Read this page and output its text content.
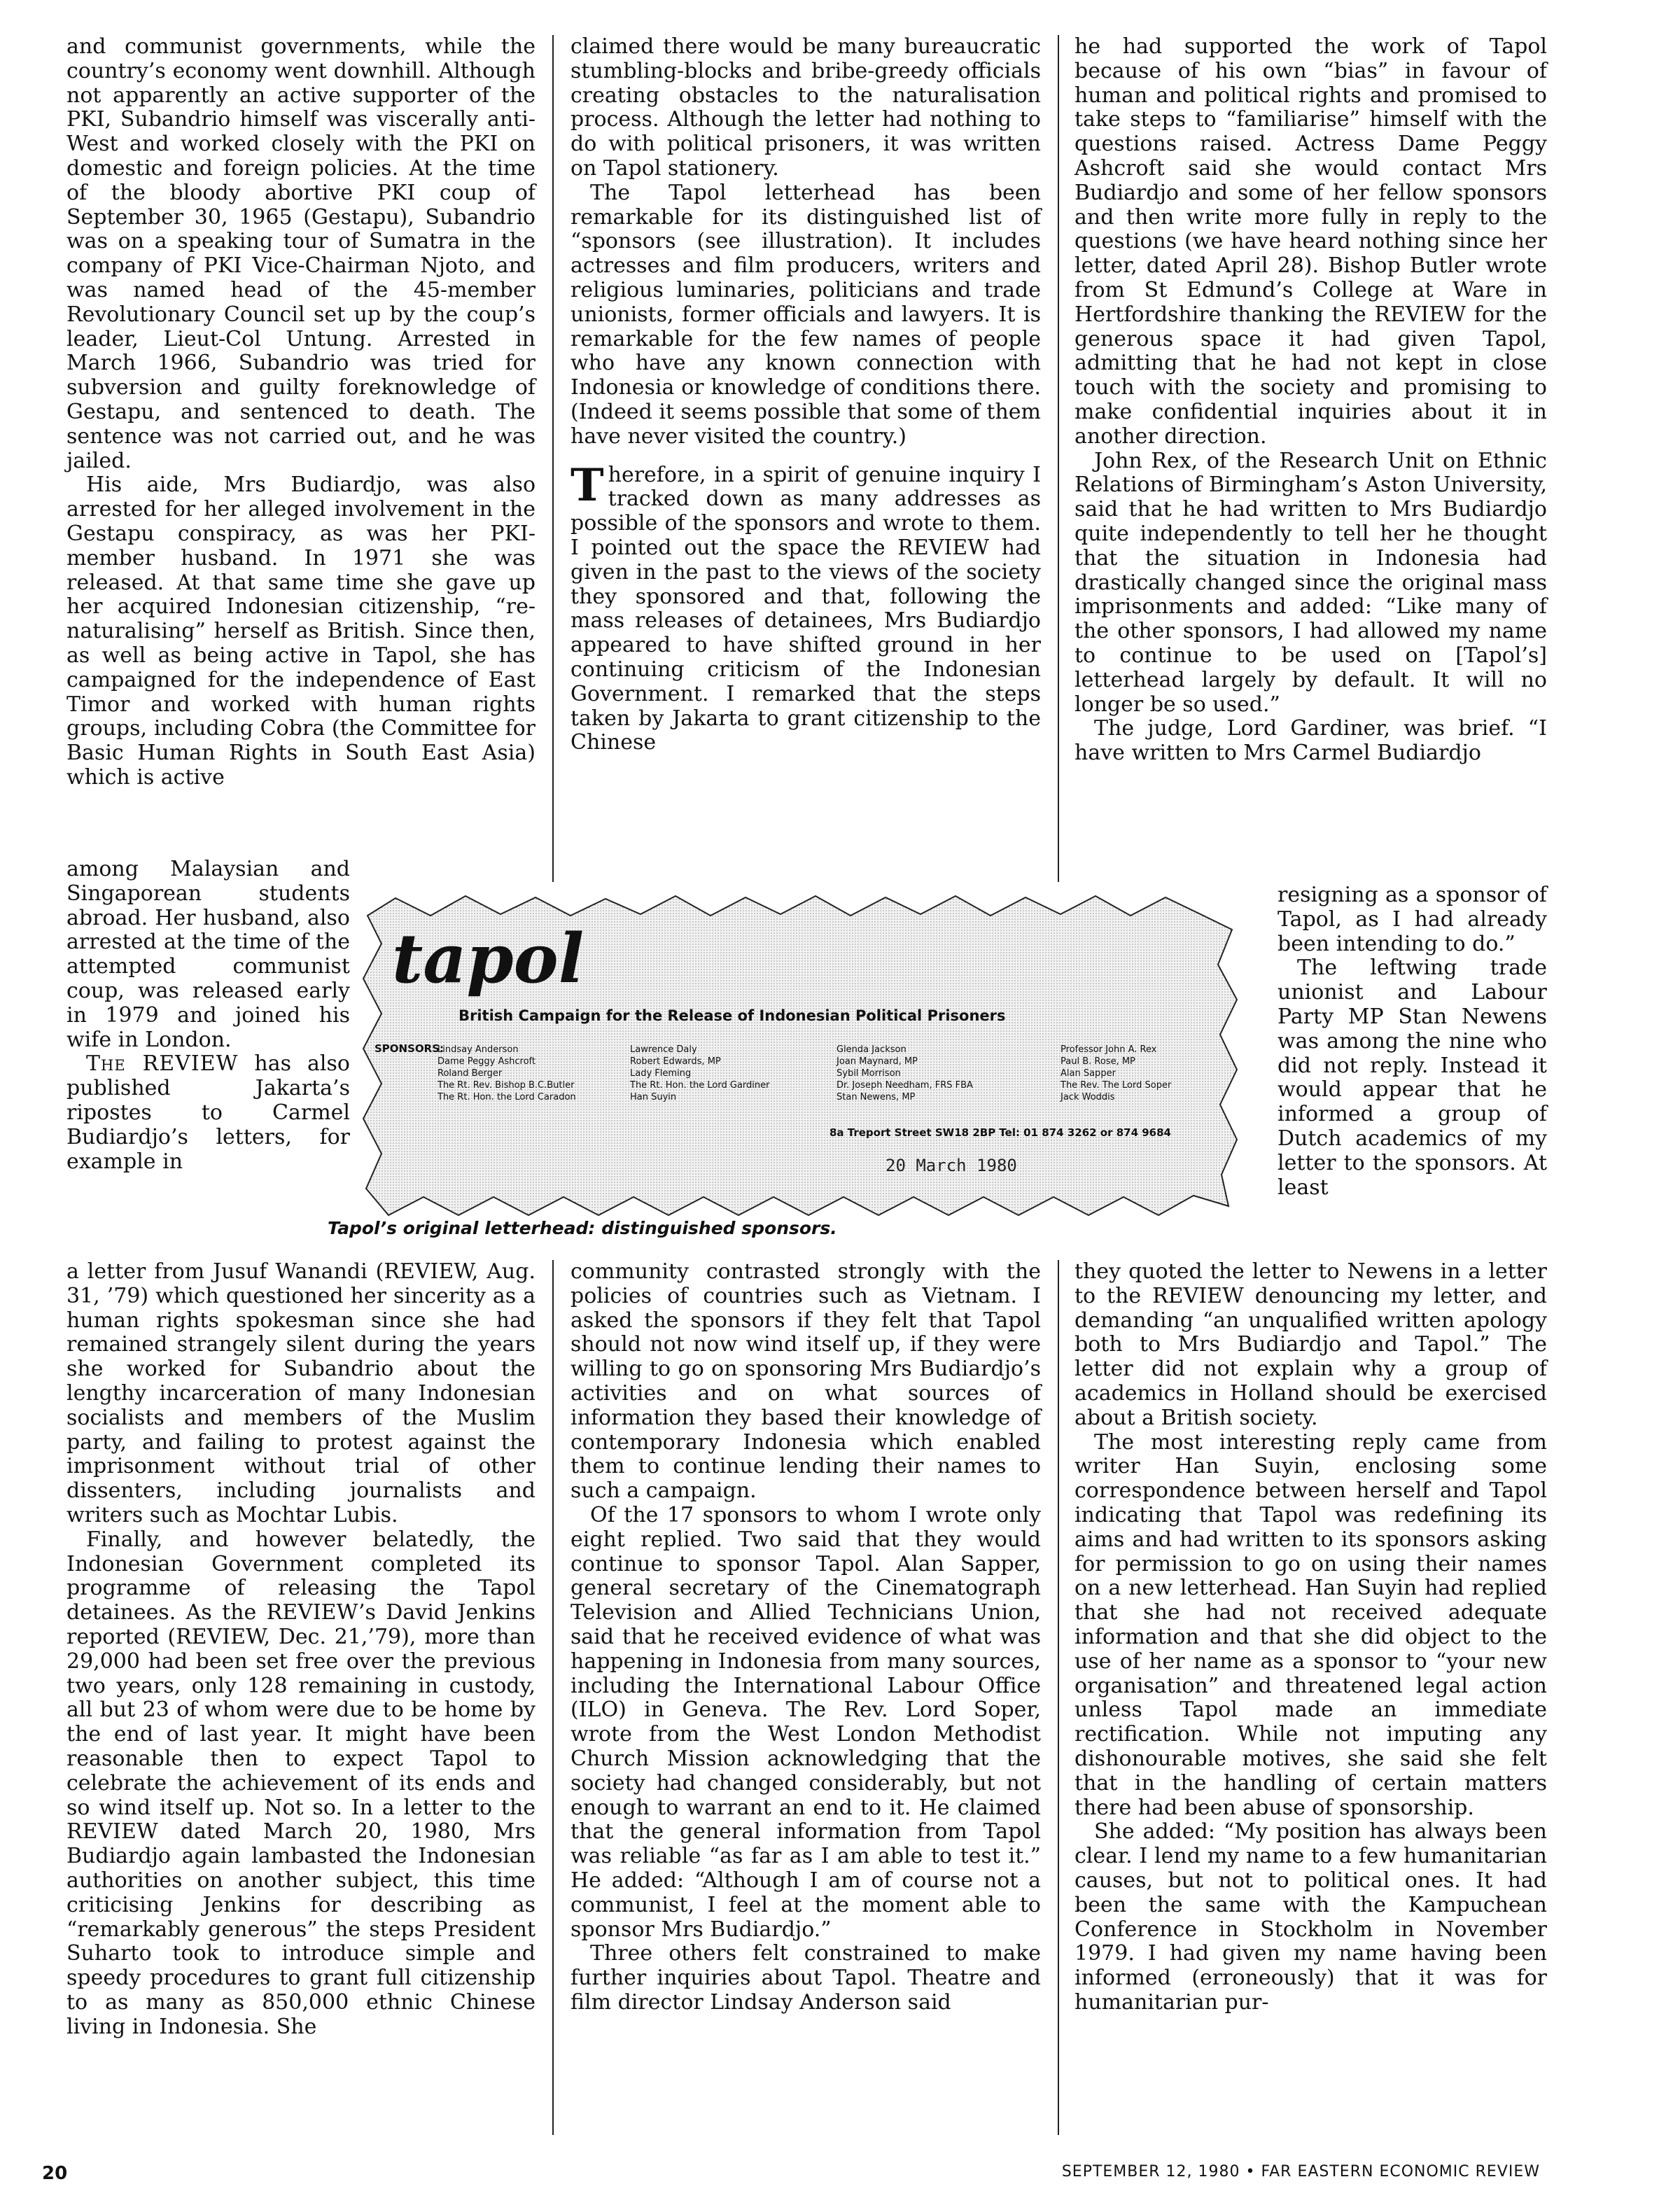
and communist governments, while the country’s economy went downhill. Although not apparently an active supporter of the PKI, Subandrio himself was viscerally anti-West and worked closely with the PKI on domestic and foreign policies. At the time of the bloody abortive PKI coup of September 30, 1965 (Gestapu), Subandrio was on a speaking tour of Sumatra in the company of PKI Vice-Chairman Njoto, and was named head of the 45-member Revolutionary Council set up by the coup’s leader, Lieut-Col Untung. Arrested in March 1966, Subandrio was tried for subversion and guilty foreknowledge of Gestapu, and sentenced to death. The sentence was not carried out, and he was jailed.

His aide, Mrs Budiardjo, was also arrested for her alleged involvement in the Gestapu conspiracy, as was her PKI-member husband. In 1971 she was released. At that same time she gave up her acquired Indonesian citizenship, “re-naturalising” herself as British. Since then, as well as being active in Tapol, she has campaigned for the independence of East Timor and worked with human rights groups, including Cobra (the Committee for Basic Human Rights in South East Asia) which is active

among Malaysian and Singaporean students abroad. Her husband, also arrested at the time of the attempted communist coup, was released early in 1979 and joined his wife in London.

The REVIEW has also published Jakarta’s ripostes to Carmel Budiardjo’s letters, for example in

a letter from Jusuf Wanandi (REVIEW, Aug. 31, ’79) which questioned her sincerity as a human rights spokesman since she had remained strangely silent during the years she worked for Subandrio about the lengthy incarceration of many Indonesian socialists and members of the Muslim party, and failing to protest against the imprisonment without trial of other dissenters, including journalists and writers such as Mochtar Lubis.

Finally, and however belatedly, the Indonesian Government completed its programme of releasing the Tapol detainees. As the REVIEW’s David Jenkins reported (REVIEW, Dec. 21,’79), more than 29,000 had been set free over the previous two years, only 128 remaining in custody, all but 23 of whom were due to be home by the end of last year. It might have been reasonable then to expect Tapol to celebrate the achievement of its ends and so wind itself up. Not so. In a letter to the REVIEW dated March 20, 1980, Mrs Budiardjo again lambasted the Indonesian authorities on another subject, this time criticising Jenkins for describing as “remarkably generous” the steps President Suharto took to introduce simple and speedy procedures to grant full citizenship to as many as 850,000 ethnic Chinese living in Indonesia. She

claimed there would be many bureaucratic stumbling-blocks and bribe-greedy officials creating obstacles to the naturalisation process. Although the letter had nothing to do with political prisoners, it was written on Tapol stationery.

The Tapol letterhead has been remarkable for its distinguished list of “sponsors (see illustration). It includes actresses and film producers, writers and religious luminaries, politicians and trade unionists, former officials and lawyers. It is remarkable for the few names of people who have any known connection with Indonesia or knowledge of conditions there. (Indeed it seems possible that some of them have never visited the country.)

Therefore, in a spirit of genuine inquiry I tracked down as many addresses as possible of the sponsors and wrote to them. I pointed out the space the REVIEW had given in the past to the views of the society they sponsored and that, following the mass releases of detainees, Mrs Budiardjo appeared to have shifted ground in her continuing criticism of the Indonesian Government. I remarked that the steps taken by Jakarta to grant citizenship to the Chinese

community contrasted strongly with the policies of countries such as Vietnam. I asked the sponsors if they felt that Tapol should not now wind itself up, if they were willing to go on sponsoring Mrs Budiardjo’s activities and on what sources of information they based their knowledge of contemporary Indonesia which enabled them to continue lending their names to such a campaign.

Of the 17 sponsors to whom I wrote only eight replied. Two said that they would continue to sponsor Tapol. Alan Sapper, general secretary of the Cinematograph Television and Allied Technicians Union, said that he received evidence of what was happening in Indonesia from many sources, including the International Labour Office (ILO) in Geneva. The Rev. Lord Soper, wrote from the West London Methodist Church Mission acknowledging that the society had changed considerably, but not enough to warrant an end to it. He claimed that the general information from Tapol was reliable “as far as I am able to test it.” He added: “Although I am of course not a communist, I feel at the moment able to sponsor Mrs Budiardjo.”

Three others felt constrained to make further inquiries about Tapol. Theatre and film director Lindsay Anderson said

he had supported the work of Tapol because of his own “bias” in favour of human and political rights and promised to take steps to “familiarise” himself with the questions raised. Actress Dame Peggy Ashcroft said she would contact Mrs Budiardjo and some of her fellow sponsors and then write more fully in reply to the questions (we have heard nothing since her letter, dated April 28). Bishop Butler wrote from St Edmund’s College at Ware in Hertfordshire thanking the REVIEW for the generous space it had given Tapol, admitting that he had not kept in close touch with the society and promising to make confidential inquiries about it in another direction.

John Rex, of the Research Unit on Ethnic Relations of Birmingham’s Aston University, said that he had written to Mrs Budiardjo quite independently to tell her he thought that the situation in Indonesia had drastically changed since the original mass imprisonments and added: “Like many of the other sponsors, I had allowed my name to continue to be used on [Tapol’s] letterhead largely by default. It will no longer be so used.”

The judge, Lord Gardiner, was brief. “I have written to Mrs Carmel Budiardjo

resigning as a sponsor of Tapol, as I had already been intending to do.”

The leftwing trade unionist and Labour Party MP Stan Newens was among the nine who did not reply. Instead it would appear that he informed a group of Dutch academics of my letter to the sponsors. At least

they quoted the letter to Newens in a letter to the REVIEW denouncing my letter, and demanding “an unqualified written apology both to Mrs Budiardjo and Tapol.” The letter did not explain why a group of academics in Holland should be exercised about a British society.

The most interesting reply came from writer Han Suyin, enclosing some correspondence between herself and Tapol indicating that Tapol was redefining its aims and had written to its sponsors asking for permission to go on using their names on a new letterhead. Han Suyin had replied that she had not received adequate information and that she did object to the use of her name as a sponsor to “your new organisation” and threatened legal action unless Tapol made an immediate rectification. While not imputing any dishonourable motives, she said she felt that in the handling of certain matters there had been abuse of sponsorship.

She added: “My position has always been clear. I lend my name to a few humanitarian causes, but not to political ones. It had been the same with the Kampuchean Conference in Stockholm in November 1979. I had given my name having been informed (erroneously) that it was for humanitarian pur-

tapol
British Campaign for the Release of Indonesian Political Prisoners
SPONSORS:
Lindsay Anderson
Dame Peggy Ashcroft
Roland Berger
The Rt. Rev. Bishop B.C.Butler
The Rt. Hon. the Lord Caradon
Lawrence Daly
Robert Edwards, MP
Lady Fleming
The Rt. Hon. the Lord Gardiner
Han Suyin
Glenda Jackson
Joan Maynard, MP
Sybil Morrison
Dr. Joseph Needham, FRS FBA
Stan Newens, MP
Professor John A. Rex
Paul B. Rose, MP
Alan Sapper
The Rev. The Lord Soper
Jack Woddis
8a Treport Street SW18 2BP Tel: 01 874 3262 or 874 9684
20 March 1980
Tapol’s original letterhead: distinguished sponsors.
20	SEPTEMBER 12, 1980 • FAR EASTERN ECONOMIC REVIEW
